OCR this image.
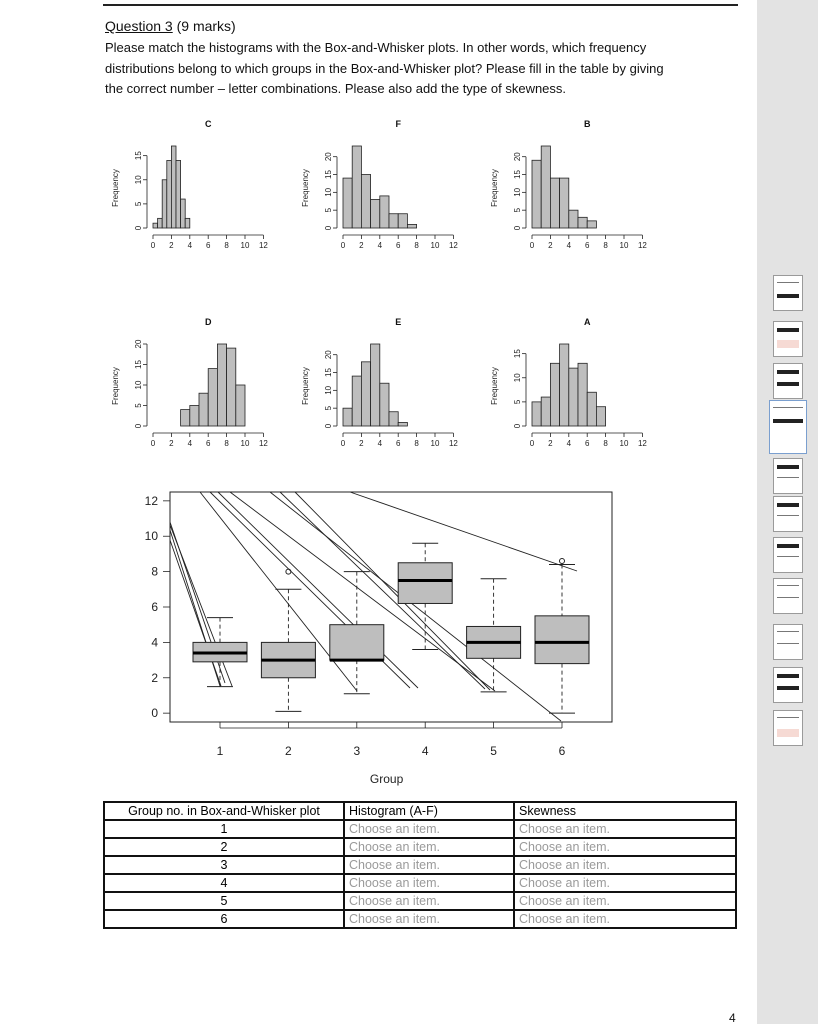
Question 3 (9 marks)
Please match the histograms with the Box-and-Whisker plots. In other words, which frequency
distributions belong to which groups in the Box-and-Whisker plot? Please fill in the table by giving
the correct number – letter combinations. Please also add the type of skewness.
C
0 2 4 6 8 10 12
0
5
10
15
Frequency
F
0 2 4 6 8 10 12
0
5
10
15
20
Frequency
B
0 2 4 6 8 10 12
0
5
10
15
20
Frequency
D
0 2 4 6 8 10 12
0
5
10
15
20
Frequency
E
0 2 4 6 8 10 12
0
5
10
15
20
Frequency
A
0 2 4 6 8 10 12
0
5
10
15
Frequency
1	2	3	4	5	6
0
2
4
6
8
10
12
Group
Group no. in Box-and-Whisker plot	Histogram (A-F)	Skewness
1	Choose an item.	Choose an item.
2	Choose an item.	Choose an item.
3	Choose an item.	Choose an item.
4	Choose an item.	Choose an item.
5	Choose an item.	Choose an item.
6	Choose an item.	Choose an item.
4
